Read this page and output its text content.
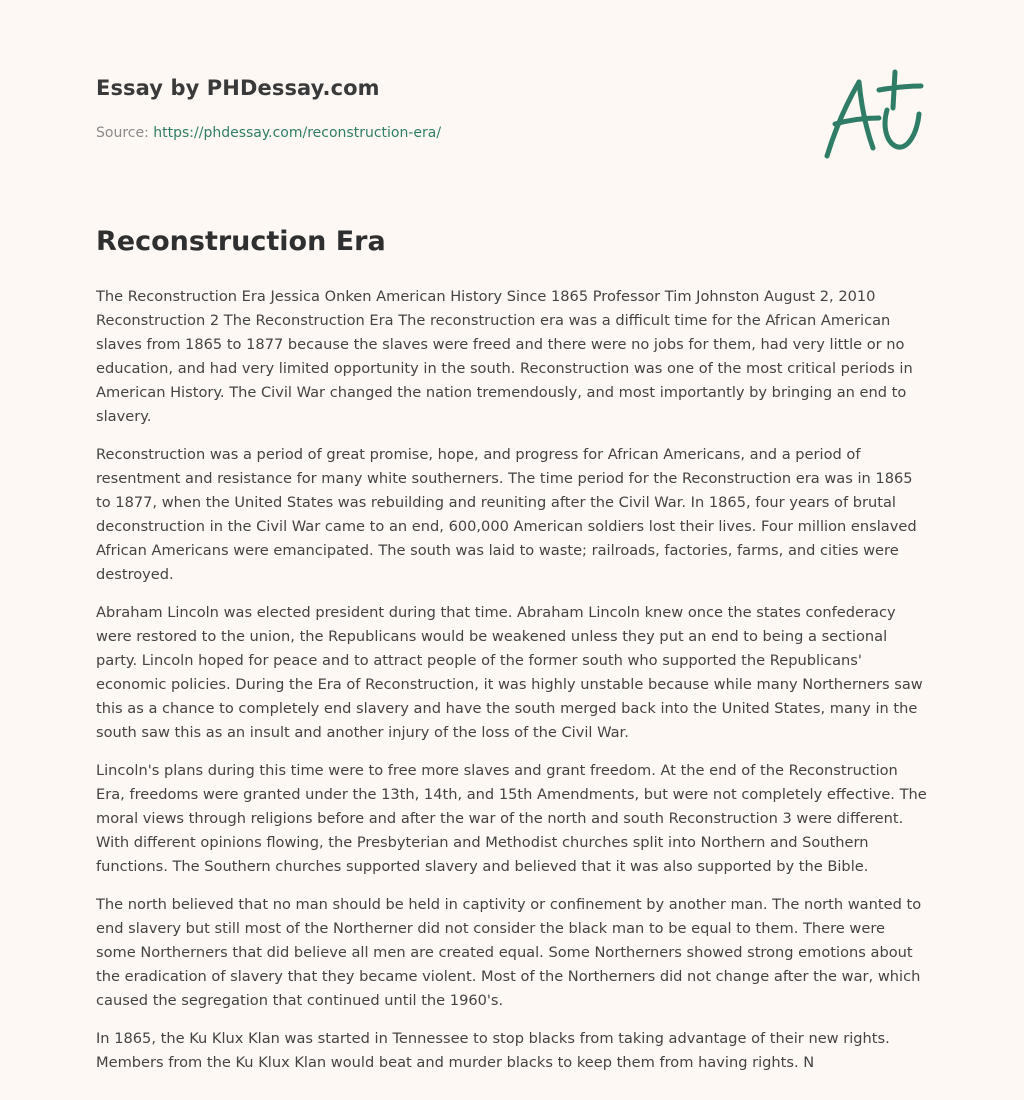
Essay by PHDessay.com
Source: https://phdessay.com/reconstruction-era/
Reconstruction Era

The Reconstruction Era Jessica Onken American History Since 1865 Professor Tim Johnston August 2, 2010 Reconstruction 2 The Reconstruction Era The reconstruction era was a difficult time for the African American slaves from 1865 to 1877 because the slaves were freed and there were no jobs for them, had very little or no education, and had very limited opportunity in the south. Reconstruction was one of the most critical periods in American History. The Civil War changed the nation tremendously, and most importantly by bringing an end to slavery.

Reconstruction was a period of great promise, hope, and progress for African Americans, and a period of resentment and resistance for many white southerners. The time period for the Reconstruction era was in 1865 to 1877, when the United States was rebuilding and reuniting after the Civil War. In 1865, four years of brutal deconstruction in the Civil War came to an end, 600,000 American soldiers lost their lives. Four million enslaved African Americans were emancipated. The south was laid to waste; railroads, factories, farms, and cities were destroyed.

Abraham Lincoln was elected president during that time. Abraham Lincoln knew once the states confederacy were restored to the union, the Republicans would be weakened unless they put an end to being a sectional party. Lincoln hoped for peace and to attract people of the former south who supported the Republicans' economic policies. During the Era of Reconstruction, it was highly unstable because while many Northerners saw this as a chance to completely end slavery and have the south merged back into the United States, many in the south saw this as an insult and another injury of the loss of the Civil War.

Lincoln's plans during this time were to free more slaves and grant freedom. At the end of the Reconstruction Era, freedoms were granted under the 13th, 14th, and 15th Amendments, but were not completely effective. The moral views through religions before and after the war of the north and south Reconstruction 3 were different. With different opinions flowing, the Presbyterian and Methodist churches split into Northern and Southern functions. The Southern churches supported slavery and believed that it was also supported by the Bible.

The north believed that no man should be held in captivity or confinement by another man. The north wanted to end slavery but still most of the Northerner did not consider the black man to be equal to them. There were some Northerners that did believe all men are created equal. Some Northerners showed strong emotions about the eradication of slavery that they became violent. Most of the Northerners did not change after the war, which caused the segregation that continued until the 1960's.

In 1865, the Ku Klux Klan was started in Tennessee to stop blacks from taking advantage of their new rights. Members from the Ku Klux Klan would beat and murder blacks to keep them from having rights. N
